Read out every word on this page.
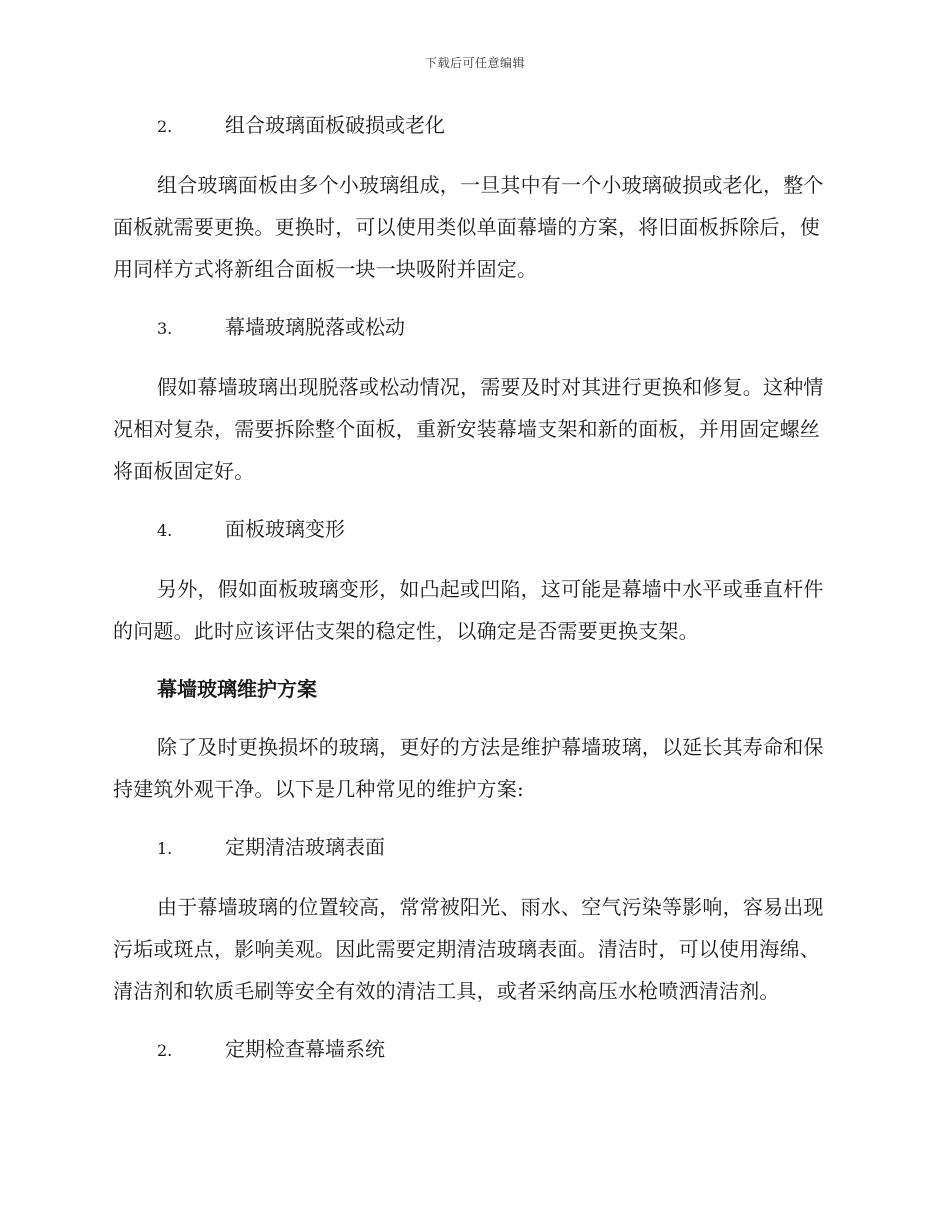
下载后可任意编辑
2.	组合玻璃面板破损或老化

组合玻璃面板由多个小玻璃组成，一旦其中有一个小玻璃破损或老化，整个面板就需要更换。更换时，可以使用类似单面幕墙的方案，将旧面板拆除后，使用同样方式将新组合面板一块一块吸附并固定。

3.	幕墙玻璃脱落或松动

假如幕墙玻璃出现脱落或松动情况，需要及时对其进行更换和修复。这种情况相对复杂，需要拆除整个面板，重新安装幕墙支架和新的面板，并用固定螺丝将面板固定好。

4.	面板玻璃变形

另外，假如面板玻璃变形，如凸起或凹陷，这可能是幕墙中水平或垂直杆件的问题。此时应该评估支架的稳定性，以确定是否需要更换支架。

幕墙玻璃维护方案

除了及时更换损坏的玻璃，更好的方法是维护幕墙玻璃，以延长其寿命和保持建筑外观干净。以下是几种常见的维护方案:

1.	定期清洁玻璃表面

由于幕墙玻璃的位置较高，常常被阳光、雨水、空气污染等影响，容易出现污垢或斑点，影响美观。因此需要定期清洁玻璃表面。清洁时，可以使用海绵、清洁剂和软质毛刷等安全有效的清洁工具，或者采纳高压水枪喷洒清洁剂。

2.	定期检查幕墙系统
